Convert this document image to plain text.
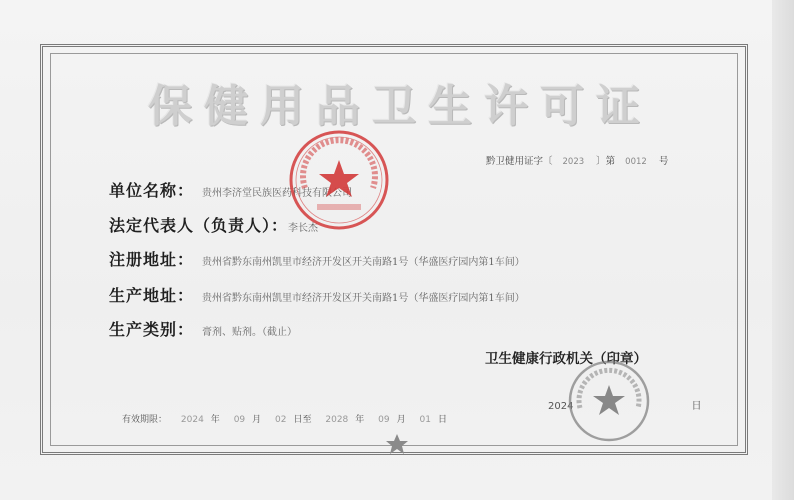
保健用品卫生许可证
黔卫健用证字〔 2023 〕第 0012 号
单位名称： 贵州李济堂民族医药科技有限公司
法定代表人（负责人）： 李长杰
注册地址： 贵州省黔东南州凯里市经济开发区开关南路1号（华盛医疗园内第1车间）
生产地址： 贵州省黔东南州凯里市经济开发区开关南路1号（华盛医疗园内第1车间）
生产类别： 膏剂、贴剂。（截止）
卫生健康行政机关（印章）
2024	日
有效期限： 2024 年 09 月 02 日至 2028 年 09 月 01 日
